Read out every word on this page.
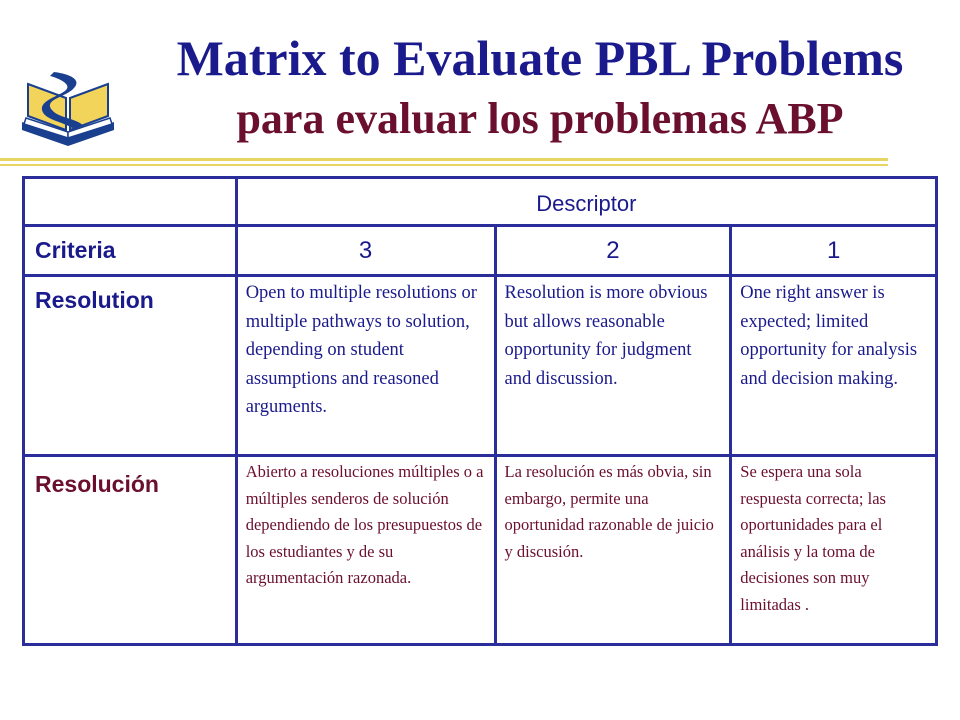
Matrix to Evaluate PBL Problems
para evaluar los problemas ABP
	Descriptor		
Criteria	3	2	1
Resolution	Open to multiple resolutions or multiple pathways to solution, depending on student assumptions and reasoned arguments.	Resolution is more obvious but allows reasonable opportunity for judgment and discussion.	One right answer is expected; limited opportunity for analysis and decision making.
Resolución	Abierto a resoluciones múltiples o a múltiples senderos de solución dependiendo de los presupuestos de los estudiantes y de su argumentación razonada.	La resolución es más obvia, sin embargo, permite una oportunidad razonable de juicio y discusión.	Se espera una sola respuesta correcta; las oportunidades para el análisis y la toma de decisiones son muy limitadas .
